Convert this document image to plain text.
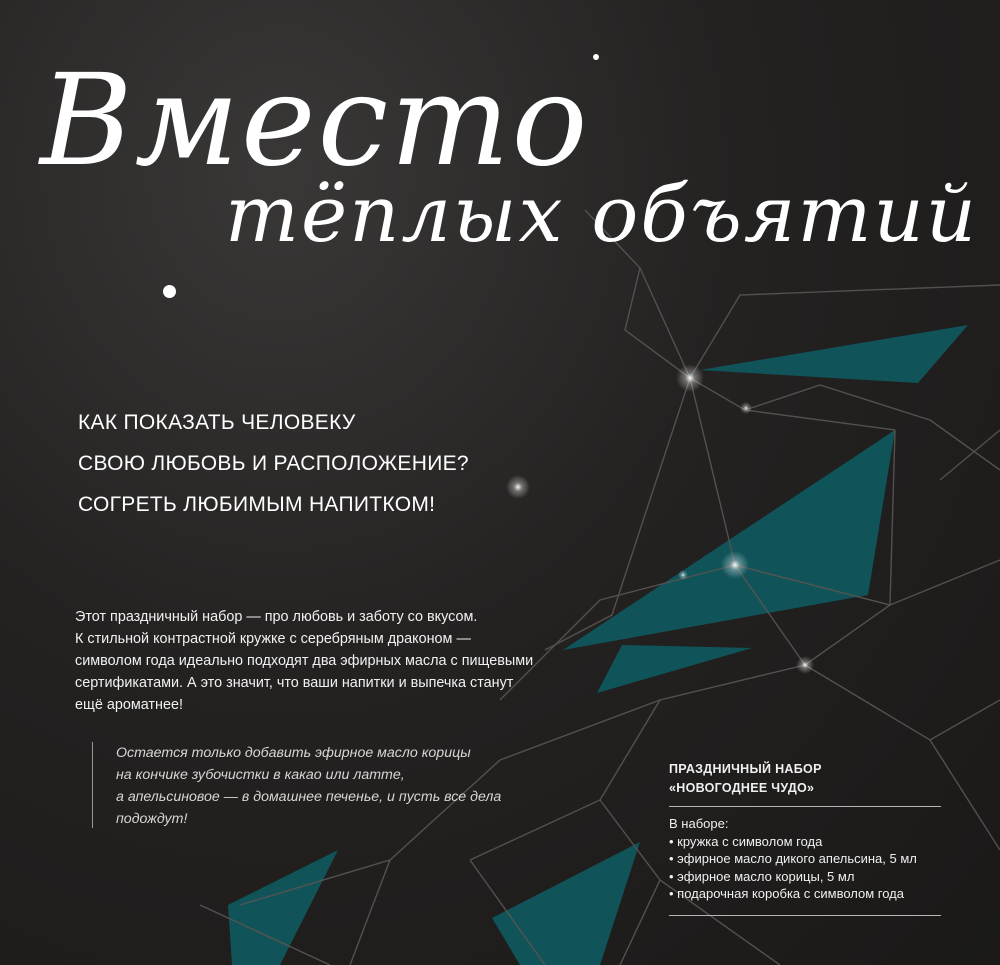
Вместо
тёплых объятий
КАК ПОКАЗАТЬ ЧЕЛОВЕКУ
СВОЮ ЛЮБОВЬ И РАСПОЛОЖЕНИЕ?
СОГРЕТЬ ЛЮБИМЫМ НАПИТКОМ!
Этот праздничный набор — про любовь и заботу со вкусом.
К стильной контрастной кружке с серебряным драконом —
символом года идеально подходят два эфирных масла с пищевыми
сертификатами. А это значит, что ваши напитки и выпечка станут
ещё ароматнее!
Остается только добавить эфирное масло корицы
на кончике зубочистки в какао или латте,
а апельсиновое — в домашнее печенье, и пусть все дела
подождут!
ПРАЗДНИЧНЫЙ НАБОР
«НОВОГОДНЕЕ ЧУДО»
В наборе:
• кружка с символом года
• эфирное масло дикого апельсина, 5 мл
• эфирное масло корицы, 5 мл
• подарочная коробка с символом года
